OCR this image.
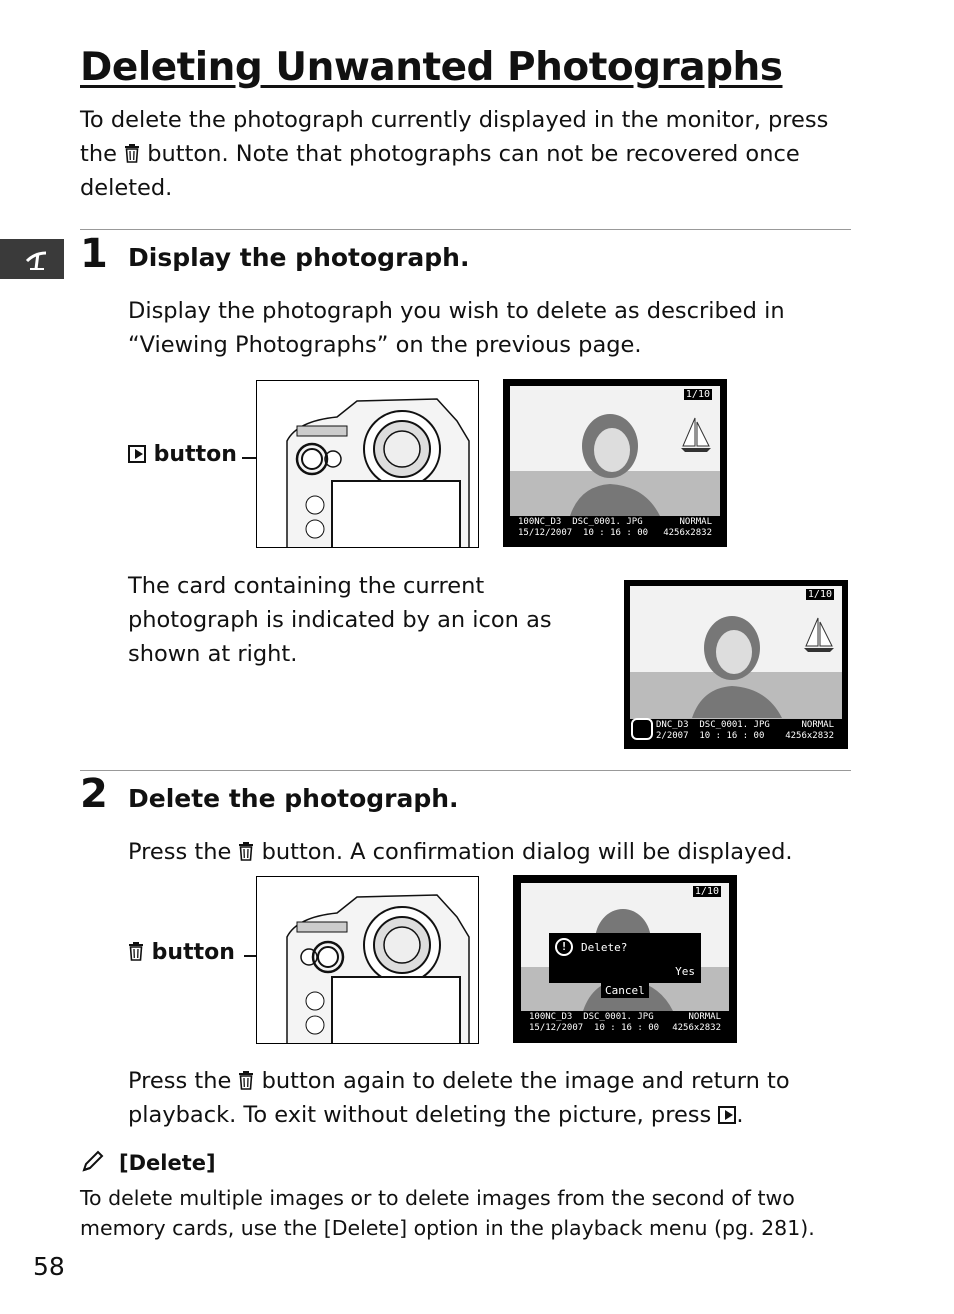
Deleting Unwanted Photographs
To delete the photograph currently displayed in the monitor, press the button. Note that photographs can not be recovered once deleted.
1 Display the photograph.
Display the photograph you wish to delete as described in “Viewing Photographs” on the previous page.
button
1/10
100NC_D3 DSC_0001. JPG	NORMAL
15/12/2007 10 : 16 : 00 4256x2832
The card containing the current photograph is indicated by an icon as shown at right.
1/10
DNC_D3 DSC_0001. JPG	NORMAL
2/2007 10 : 16 : 00 4256x2832
2 Delete the photograph.
Press the button. A confirmation dialog will be displayed.
button
1/10
!	Delete?
Yes
Cancel
100NC_D3 DSC_0001. JPG	NORMAL
15/12/2007 10 : 16 : 00 4256x2832
Press the button again to delete the image and return to playback. To exit without deleting the picture, press .
[Delete]
To delete multiple images or to delete images from the second of two memory cards, use the [Delete] option in the playback menu (pg. 281).
58
